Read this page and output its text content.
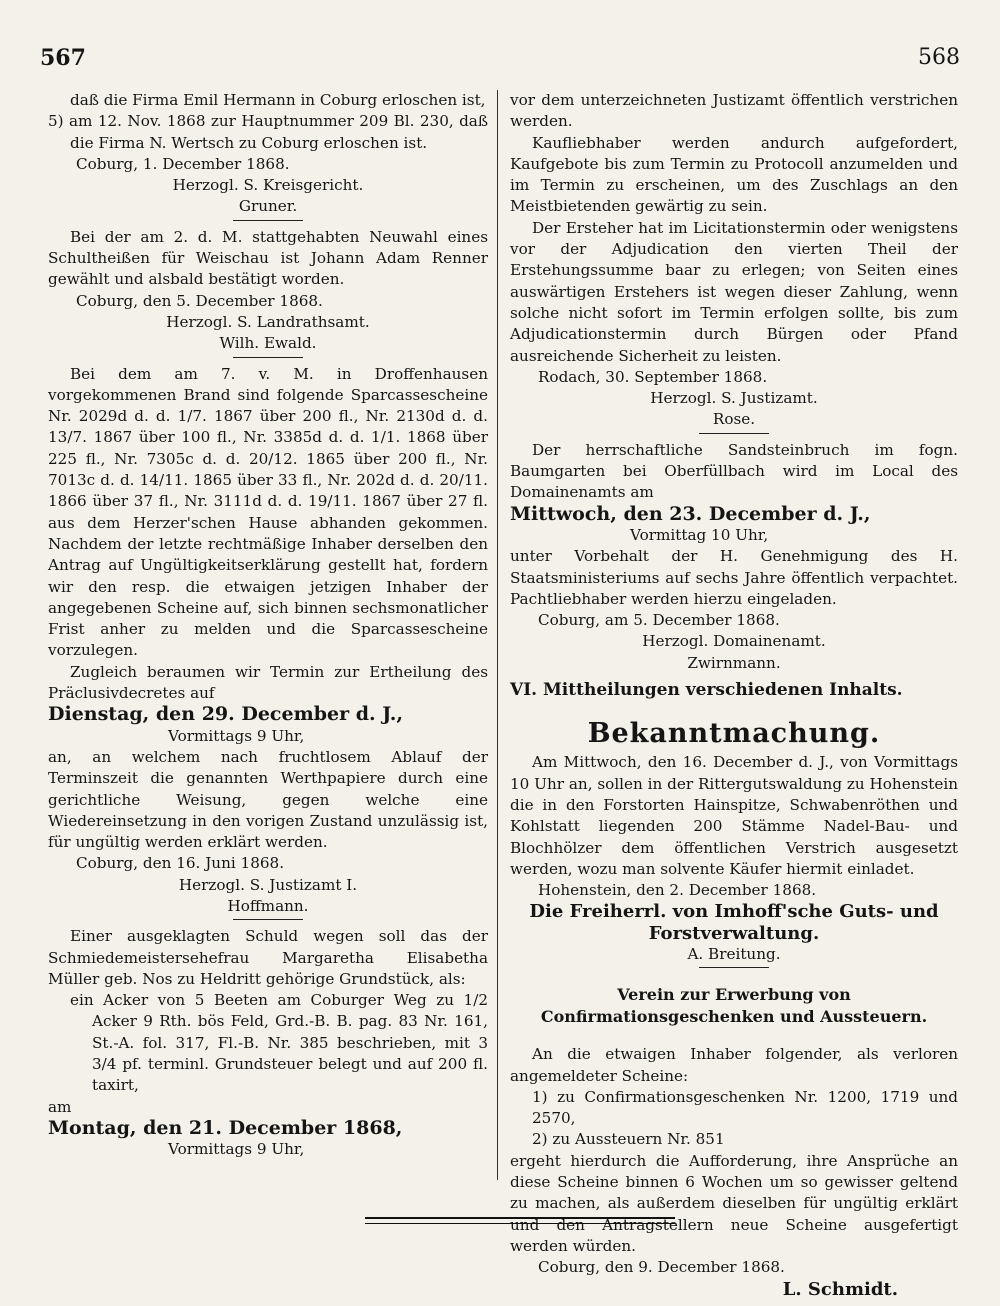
567	568

daß die Firma Emil Hermann in Coburg erloschen ist,

5) am 12. Nov. 1868 zur Hauptnummer 209 Bl. 230, daß die Firma N. Wertsch zu Coburg erloschen ist.

Coburg, 1. December 1868.

Herzogl. S. Kreisgericht.

Gruner.

Bei der am 2. d. M. stattgehabten Neuwahl eines Schultheißen für Weischau ist Johann Adam Renner gewählt und alsbald bestätigt worden.

Coburg, den 5. December 1868.

Herzogl. S. Landrathsamt.

Wilh. Ewald.

Bei dem am 7. v. M. in Droffenhausen vorgekommenen Brand sind folgende Sparcassescheine Nr. 2029d d. d. 1/7. 1867 über 200 fl., Nr. 2130d d. d. 13/7. 1867 über 100 fl., Nr. 3385d d. d. 1/1. 1868 über 225 fl., Nr. 7305c d. d. 20/12. 1865 über 200 fl., Nr. 7013c d. d. 14/11. 1865 über 33 fl., Nr. 202d d. d. 20/11. 1866 über 37 fl., Nr. 3111d d. d. 19/11. 1867 über 27 fl. aus dem Herzer'schen Hause abhanden gekommen. Nachdem der letzte rechtmäßige Inhaber derselben den Antrag auf Ungültigkeitserklärung gestellt hat, fordern wir den resp. die etwaigen jetzigen Inhaber der angegebenen Scheine auf, sich binnen sechsmonatlicher Frist anher zu melden und die Sparcassescheine vorzulegen.

Zugleich beraumen wir Termin zur Ertheilung des Präclusivdecretes auf

Dienstag, den 29. December d. J.,

Vormittags 9 Uhr,

an, an welchem nach fruchtlosem Ablauf der Terminszeit die genannten Werthpapiere durch eine gerichtliche Weisung, gegen welche eine Wiedereinsetzung in den vorigen Zustand unzulässig ist, für ungültig werden erklärt werden.

Coburg, den 16. Juni 1868.

Herzogl. S. Justizamt I.

Hoffmann.

Einer ausgeklagten Schuld wegen soll das der Schmiedemeistersehefrau Margaretha Elisabetha Müller geb. Nos zu Heldritt gehörige Grundstück, als:

ein Acker von 5 Beeten am Coburger Weg zu 1/2 Acker 9 Rth. bös Feld, Grd.-B. B. pag. 83 Nr. 161, St.-A. fol. 317, Fl.-B. Nr. 385 beschrieben, mit 3 3/4 pf. terminl. Grundsteuer belegt und auf 200 fl. taxirt,

am

Montag, den 21. December 1868,

Vormittags 9 Uhr,

vor dem unterzeichneten Justizamt öffentlich verstrichen werden.

Kaufliebhaber werden andurch aufgefordert, Kaufgebote bis zum Termin zu Protocoll anzumelden und im Termin zu erscheinen, um des Zuschlags an den Meistbietenden gewärtig zu sein.

Der Ersteher hat im Licitationstermin oder wenigstens vor der Adjudication den vierten Theil der Erstehungssumme baar zu erlegen; von Seiten eines auswärtigen Erstehers ist wegen dieser Zahlung, wenn solche nicht sofort im Termin erfolgen sollte, bis zum Adjudicationstermin durch Bürgen oder Pfand ausreichende Sicherheit zu leisten.

Rodach, 30. September 1868.

Herzogl. S. Justizamt.

Rose.

Der herrschaftliche Sandsteinbruch im fogn. Baumgarten bei Oberfüllbach wird im Local des Domainenamts am

Mittwoch, den 23. December d. J.,

Vormittag 10 Uhr,

unter Vorbehalt der H. Genehmigung des H. Staatsministeriums auf sechs Jahre öffentlich verpachtet. Pachtliebhaber werden hierzu eingeladen.

Coburg, am 5. December 1868.

Herzogl. Domainenamt.

Zwirnmann.

VI. Mittheilungen verschiedenen Inhalts.

Bekanntmachung.

Am Mittwoch, den 16. December d. J., von Vormittags 10 Uhr an, sollen in der Rittergutswaldung zu Hohenstein die in den Forstorten Hainspitze, Schwabenröthen und Kohlstatt liegenden 200 Stämme Nadel-Bau- und Blochhölzer dem öffentlichen Verstrich ausgesetzt werden, wozu man solvente Käufer hiermit einladet.

Hohenstein, den 2. December 1868.

Die Freiherrl. von Imhoff'sche Guts- und Forstverwaltung.

A. Breitung.

Verein zur Erwerbung von Confirmationsgeschenken und Aussteuern.

An die etwaigen Inhaber folgender, als verloren angemeldeter Scheine:

1) zu Confirmationsgeschenken Nr. 1200, 1719 und 2570,

2) zu Aussteuern Nr. 851

ergeht hierdurch die Aufforderung, ihre Ansprüche an diese Scheine binnen 6 Wochen um so gewisser geltend zu machen, als außerdem dieselben für ungültig erklärt und den Antragstellern neue Scheine ausgefertigt werden würden.

Coburg, den 9. December 1868.

L. Schmidt.
